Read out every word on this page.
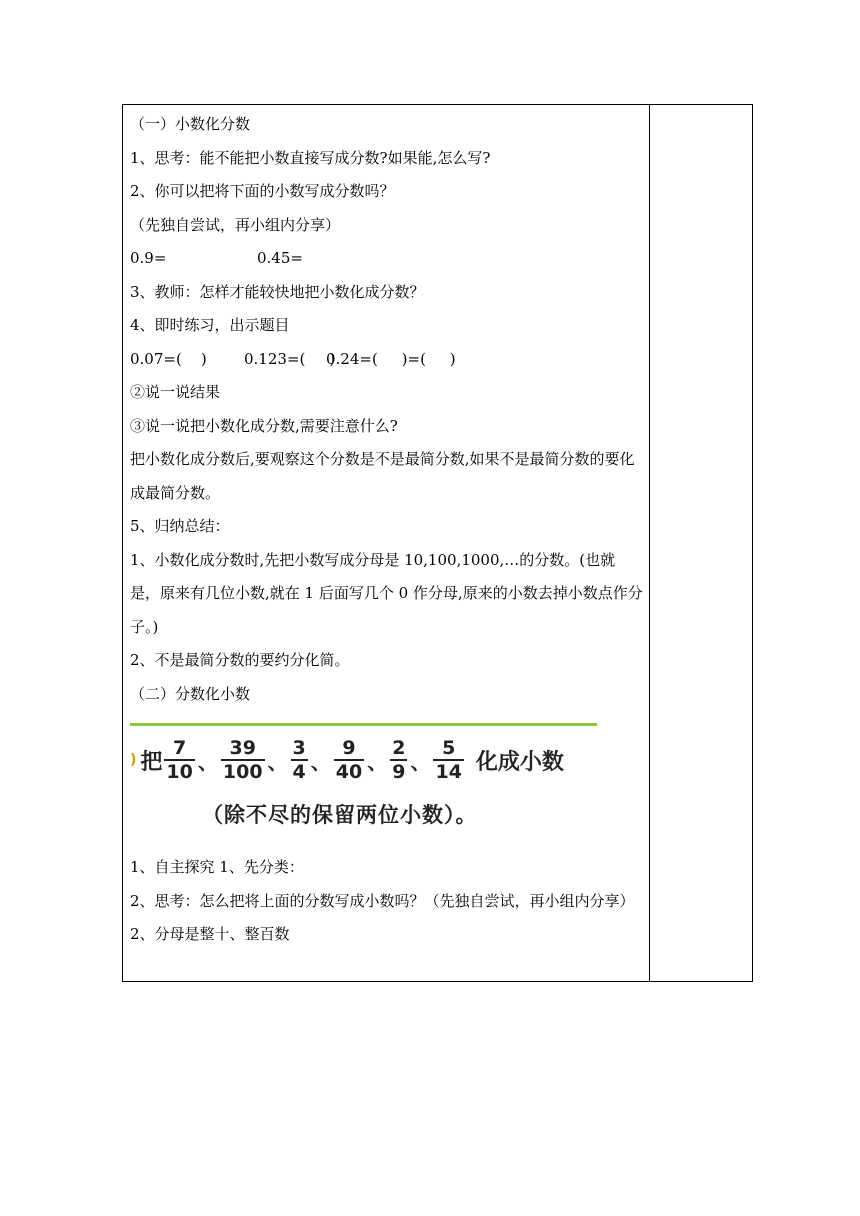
（一）小数化分数
1、思考：能不能把小数直接写成分数?如果能,怎么写?
2、你可以把将下面的小数写成分数吗？
（先独自尝试，再小组内分享）
0.9=	0.45=
3、教师：怎样才能较快地把小数化成分数？
4、即时练习，出示题目
0.07=(    ) 0.123=(     )0.24=(     )=(     )
②说一说结果
③说一说把小数化成分数,需要注意什么?
把小数化成分数后,要观察这个分数是不是最简分数,如果不是最简分数的要化成最简分数。
5、归纳总结：
1、小数化成分数时,先把小数写成分母是 10,100,1000,…的分数。(也就是，原来有几位小数,就在 1 后面写几个 0 作分母,原来的小数去掉小数点作分子。)
2、不是最简分数的要约分化简。
（二）分数化小数
) 把 $\frac{7}{10}$ 、 $\frac{39}{100}$ 、 $\frac{3}{4}$ 、 $\frac{9}{40}$ 、 $\frac{2}{9}$ 、 $\frac{5}{14}$ 化成小数
（除不尽的保留两位小数）。
1、自主探究 1、先分类：
2、思考：怎么把将上面的分数写成小数吗？（先独自尝试，再小组内分享）
2、分母是整十、整百数
